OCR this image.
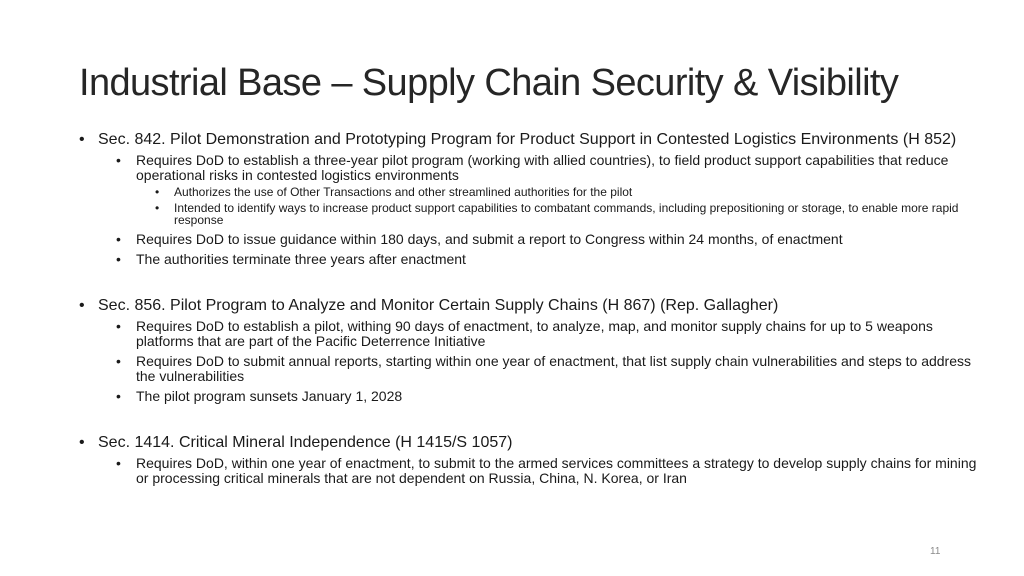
Industrial Base – Supply Chain Security & Visibility
• Sec. 842. Pilot Demonstration and Prototyping Program for Product Support in Contested Logistics Environments (H 852)
• Requires DoD to establish a three-year pilot program (working with allied countries), to field product support capabilities that reduce operational risks in contested logistics environments
• Authorizes the use of Other Transactions and other streamlined authorities for the pilot
• Intended to identify ways to increase product support capabilities to combatant commands, including prepositioning or storage, to enable more rapid response
• Requires DoD to issue guidance within 180 days, and submit a report to Congress within 24 months, of enactment
• The authorities terminate three years after enactment
• Sec. 856. Pilot Program to Analyze and Monitor Certain Supply Chains (H 867) (Rep. Gallagher)
• Requires DoD to establish a pilot, withing 90 days of enactment, to analyze, map, and monitor supply chains for up to 5 weapons platforms that are part of the Pacific Deterrence Initiative
• Requires DoD to submit annual reports, starting within one year of enactment, that list supply chain vulnerabilities and steps to address the vulnerabilities
• The pilot program sunsets January 1, 2028
• Sec. 1414. Critical Mineral Independence (H 1415/S 1057)
• Requires DoD, within one year of enactment, to submit to the armed services committees a strategy to develop supply chains for mining or processing critical minerals that are not dependent on Russia, China, N. Korea, or Iran
11
